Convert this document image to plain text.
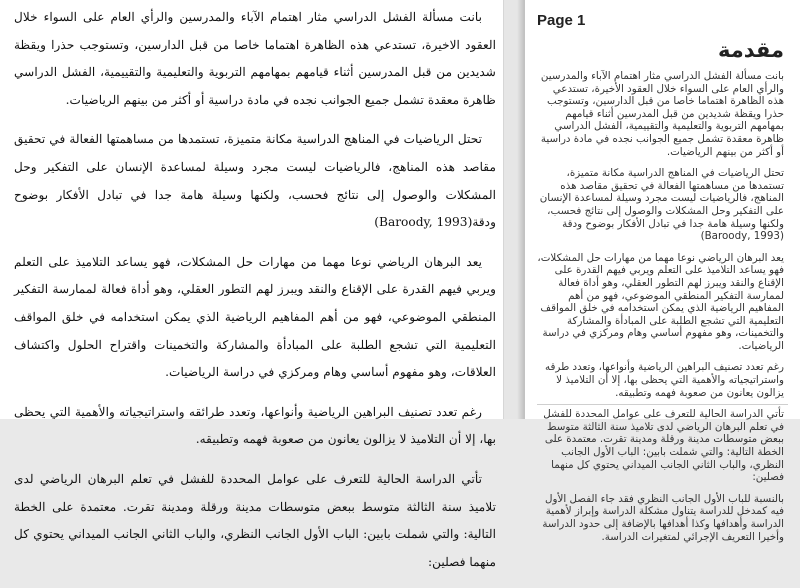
بانت مسألة الفشل الدراسي مثار اهتمام الآباء والمدرسين والرأي العام على السواء خلال العقود الاخيرة، تستدعي هذه الظاهرة اهتماما خاصا من قبل الدارسين، وتستوجب حذرا ويقظة شديدين من قبل المدرسين أثناء قيامهم بمهامهم التربوية والتعليمية والتقييمية، الفشل الدراسي ظاهرة معقدة تشمل جميع الجوانب نجده في مادة دراسية أو أكثر من بينهم الرياضيات.

تحتل الرياضيات في المناهج الدراسية مكانة متميزة، تستمدها من مساهمتها الفعالة في تحقيق مقاصد هذه المناهج، فالرياضيات ليست مجرد وسيلة لمساعدة الإنسان على التفكير وحل المشكلات والوصول إلى نتائج فحسب، ولكنها وسيلة هامة جدا في تبادل الأفكار بوضوح ودقة(Baroody, 1993)

يعد البرهان الرياضي نوعا مهما من مهارات حل المشكلات، فهو يساعد التلاميذ على التعلم ويربي فيهم القدرة على الإقناع والنقد ويبرز لهم التطور العقلي، وهو أداة فعالة لممارسة التفكير المنطقي الموضوعي، فهو من أهم المفاهيم الرياضية الذي يمكن استخدامه في خلق المواقف التعليمية التي تشجع الطلبة على المبادأة والمشاركة والتخمينات واقتراح الحلول واكتشاف العلاقات، وهو مفهوم أساسي وهام ومركزي في دراسة الرياضيات.

رغم تعدد تصنيف البراهين الرياضية وأنواعها، وتعدد طرائقه واستراتيجياته والأهمية التي يحظى بها، إلا أن التلاميذ لا يزالون يعانون من صعوبة فهمه وتطبيقه.

تأتي الدراسة الحالية للتعرف على عوامل المحددة للفشل في تعلم البرهان الرياضي لدى تلاميذ سنة الثالثة متوسط ببعض متوسطات مدينة ورقلة ومدينة تقرت. معتمدة على الخطة التالية: والتي شملت بابين: الباب الأول الجانب النظري، والباب الثاني الجانب الميداني يحتوي كل منهما فصلين:

Page 1
مقدمة

بانت مسألة الفشل الدراسي مثار اهتمام الآباء والمدرسين والرأي العام على السواء خلال العقود الأخيرة، تستدعي هذه الظاهرة اهتماما خاصا من قبل الدارسين، وتستوجب حذرا ويقظة شديدين من قبل المدرسين أثناء قيامهم بمهامهم التربوية والتعليمية والتقييمية، الفشل الدراسي ظاهرة معقدة تشمل جميع الجوانب نجده في مادة دراسية أو أكثر من بينهم الرياضيات.

تحتل الرياضيات في المناهج الدراسية مكانة متميزة، تستمدها من مساهمتها الفعالة في تحقيق مقاصد هذه المناهج، فالرياضيات ليست مجرد وسيلة لمساعدة الإنسان على التفكير وحل المشكلات والوصول إلى نتائج فحسب، ولكنها وسيلة هامة جدا في تبادل الأفكار بوضوح ودقة (Baroody, 1993)

يعد البرهان الرياضي نوعا مهما من مهارات حل المشكلات، فهو يساعد التلاميذ على التعلم ويربي فيهم القدرة على الإقناع والنقد ويبرز لهم التطور العقلي، وهو أداة فعالة لممارسة التفكير المنطقي الموضوعي، فهو من أهم المفاهيم الرياضية الذي يمكن استخدامه في خلق المواقف التعليمية التي تشجع الطلبة على المبادأة والمشاركة والتخمينات، وهو مفهوم أساسي وهام ومركزي في دراسة الرياضيات.

رغم تعدد تصنيف البراهين الرياضية وأنواعها، وتعدد طرقه واستراتيجياته والأهمية التي يحظى بها، إلا أن التلاميذ لا يزالون يعانون من صعوبة فهمه وتطبيقه.

تأتي الدراسة الحالية للتعرف على عوامل المحددة للفشل في تعلم البرهان الرياضي لدى تلاميذ سنة الثالثة متوسط ببعض متوسطات مدينة ورقلة ومدينة تقرت. معتمدة على الخطة التالية: والتي شملت بابين: الباب الأول الجانب النظري، والباب الثاني الجانب الميداني يحتوي كل منهما فصلين:

بالنسبة للباب الأول الجانب النظري فقد جاء الفصل الأول فيه كمدخل للدراسة يتناول مشكلة الدراسة وإبراز لأهمية الدراسة وأهدافها وكذا أهدافها بالإضافة إلى حدود الدراسة وأخيرا التعريف الإجرائي لمتغيرات الدراسة.
